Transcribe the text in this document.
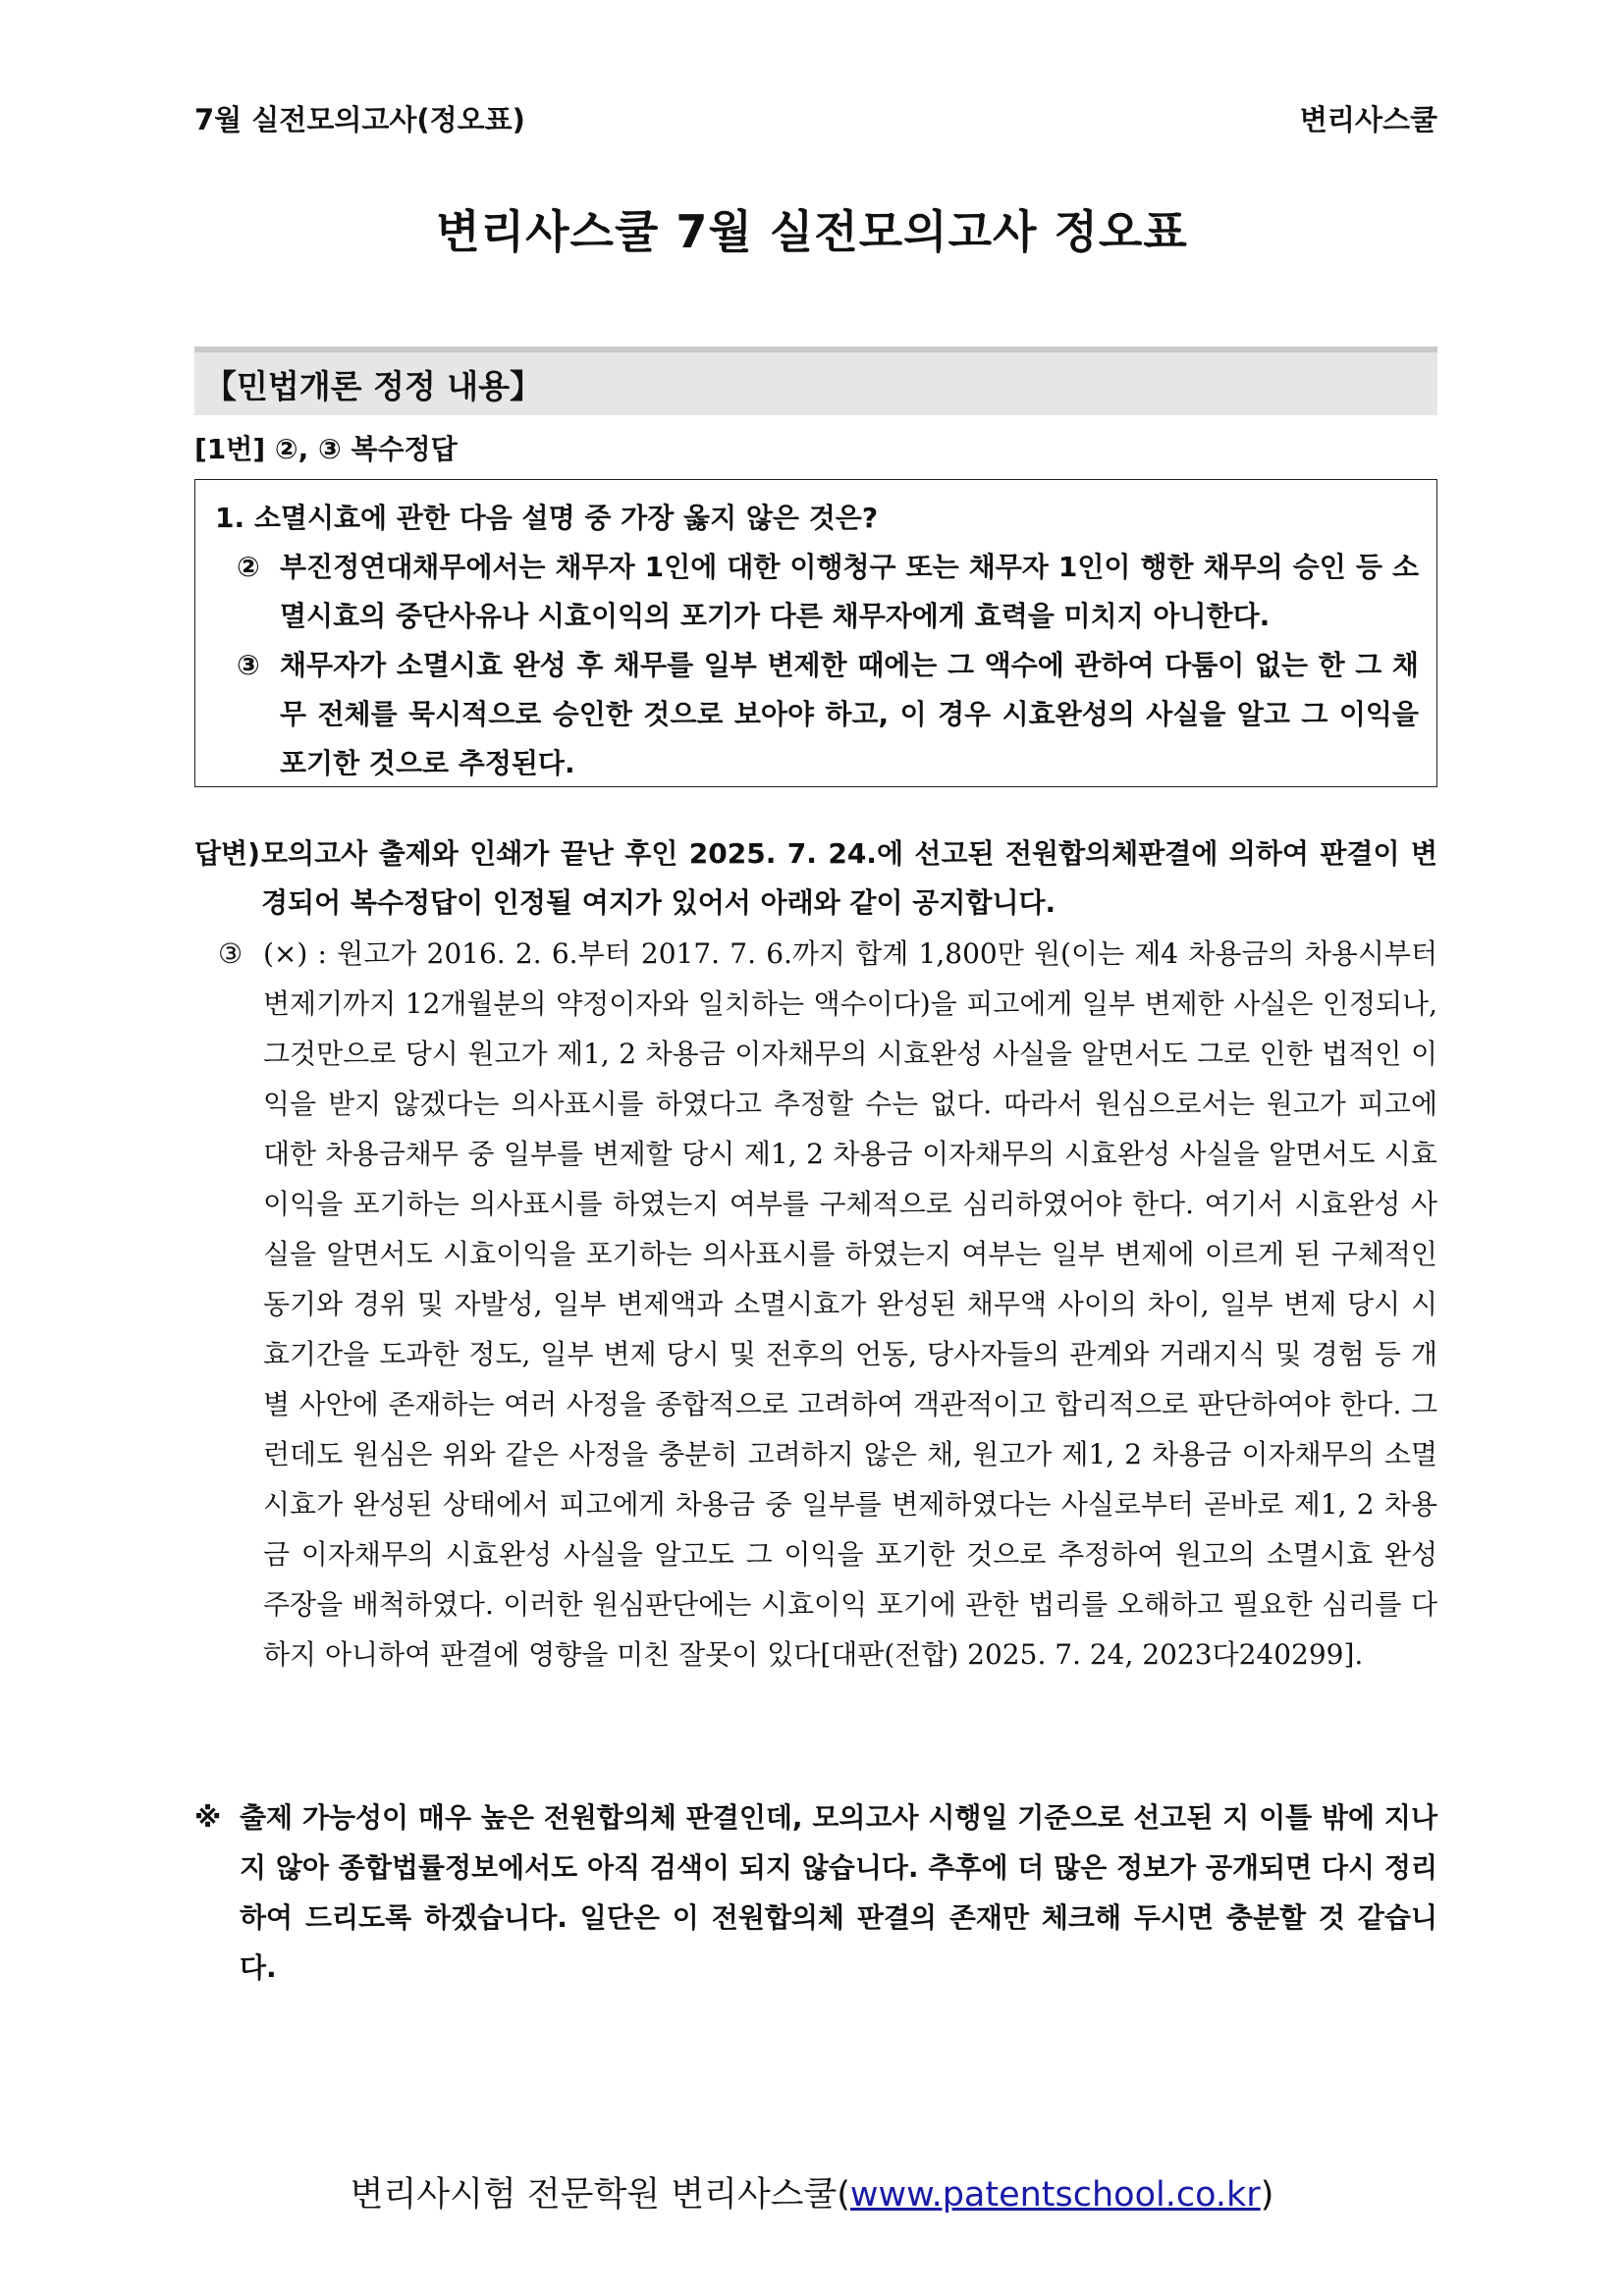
7월 실전모의고사(정오표)	변리사스쿨
변리사스쿨 7월 실전모의고사 정오표
【민법개론 정정 내용】
[1번] ②, ③ 복수정답

1. 소멸시효에 관한 다음 설명 중 가장 옳지 않은 것은?

② 부진정연대채무에서는 채무자 1인에 대한 이행청구 또는 채무자 1인이 행한 채무의 승인 등 소멸시효의 중단사유나 시효이익의 포기가 다른 채무자에게 효력을 미치지 아니한다.

③ 채무자가 소멸시효 완성 후 채무를 일부 변제한 때에는 그 액수에 관하여 다툼이 없는 한 그 채무 전체를 묵시적으로 승인한 것으로 보아야 하고, 이 경우 시효완성의 사실을 알고 그 이익을 포기한 것으로 추정된다.

답변) 모의고사 출제와 인쇄가 끝난 후인 2025. 7. 24.에 선고된 전원합의체판결에 의하여 판결이 변경되어 복수정답이 인정될 여지가 있어서 아래와 같이 공지합니다.
③ (×) : 원고가 2016. 2. 6.부터 2017. 7. 6.까지 합계 1,800만 원(이는 제4 차용금의 차용시부터 변제기까지 12개월분의 약정이자와 일치하는 액수이다)을 피고에게 일부 변제한 사실은 인정되나, 그것만으로 당시 원고가 제1, 2 차용금 이자채무의 시효완성 사실을 알면서도 그로 인한 법적인 이익을 받지 않겠다는 의사표시를 하였다고 추정할 수는 없다. 따라서 원심으로서는 원고가 피고에 대한 차용금채무 중 일부를 변제할 당시 제1, 2 차용금 이자채무의 시효완성 사실을 알면서도 시효이익을 포기하는 의사표시를 하였는지 여부를 구체적으로 심리하였어야 한다. 여기서 시효완성 사실을 알면서도 시효이익을 포기하는 의사표시를 하였는지 여부는 일부 변제에 이르게 된 구체적인 동기와 경위 및 자발성, 일부 변제액과 소멸시효가 완성된 채무액 사이의 차이, 일부 변제 당시 시효기간을 도과한 정도, 일부 변제 당시 및 전후의 언동, 당사자들의 관계와 거래지식 및 경험 등 개별 사안에 존재하는 여러 사정을 종합적으로 고려하여 객관적이고 합리적으로 판단하여야 한다. 그런데도 원심은 위와 같은 사정을 충분히 고려하지 않은 채, 원고가 제1, 2 차용금 이자채무의 소멸시효가 완성된 상태에서 피고에게 차용금 중 일부를 변제하였다는 사실로부터 곧바로 제1, 2 차용금 이자채무의 시효완성 사실을 알고도 그 이익을 포기한 것으로 추정하여 원고의 소멸시효 완성 주장을 배척하였다. 이러한 원심판단에는 시효이익 포기에 관한 법리를 오해하고 필요한 심리를 다하지 아니하여 판결에 영향을 미친 잘못이 있다[대판(전합) 2025. 7. 24, 2023다240299].
※ 출제 가능성이 매우 높은 전원합의체 판결인데, 모의고사 시행일 기준으로 선고된 지 이틀 밖에 지나지 않아 종합법률정보에서도 아직 검색이 되지 않습니다. 추후에 더 많은 정보가 공개되면 다시 정리하여 드리도록 하겠습니다. 일단은 이 전원합의체 판결의 존재만 체크해 두시면 충분할 것 같습니다.
변리사시험 전문학원 변리사스쿨(www.patentschool.co.kr)
